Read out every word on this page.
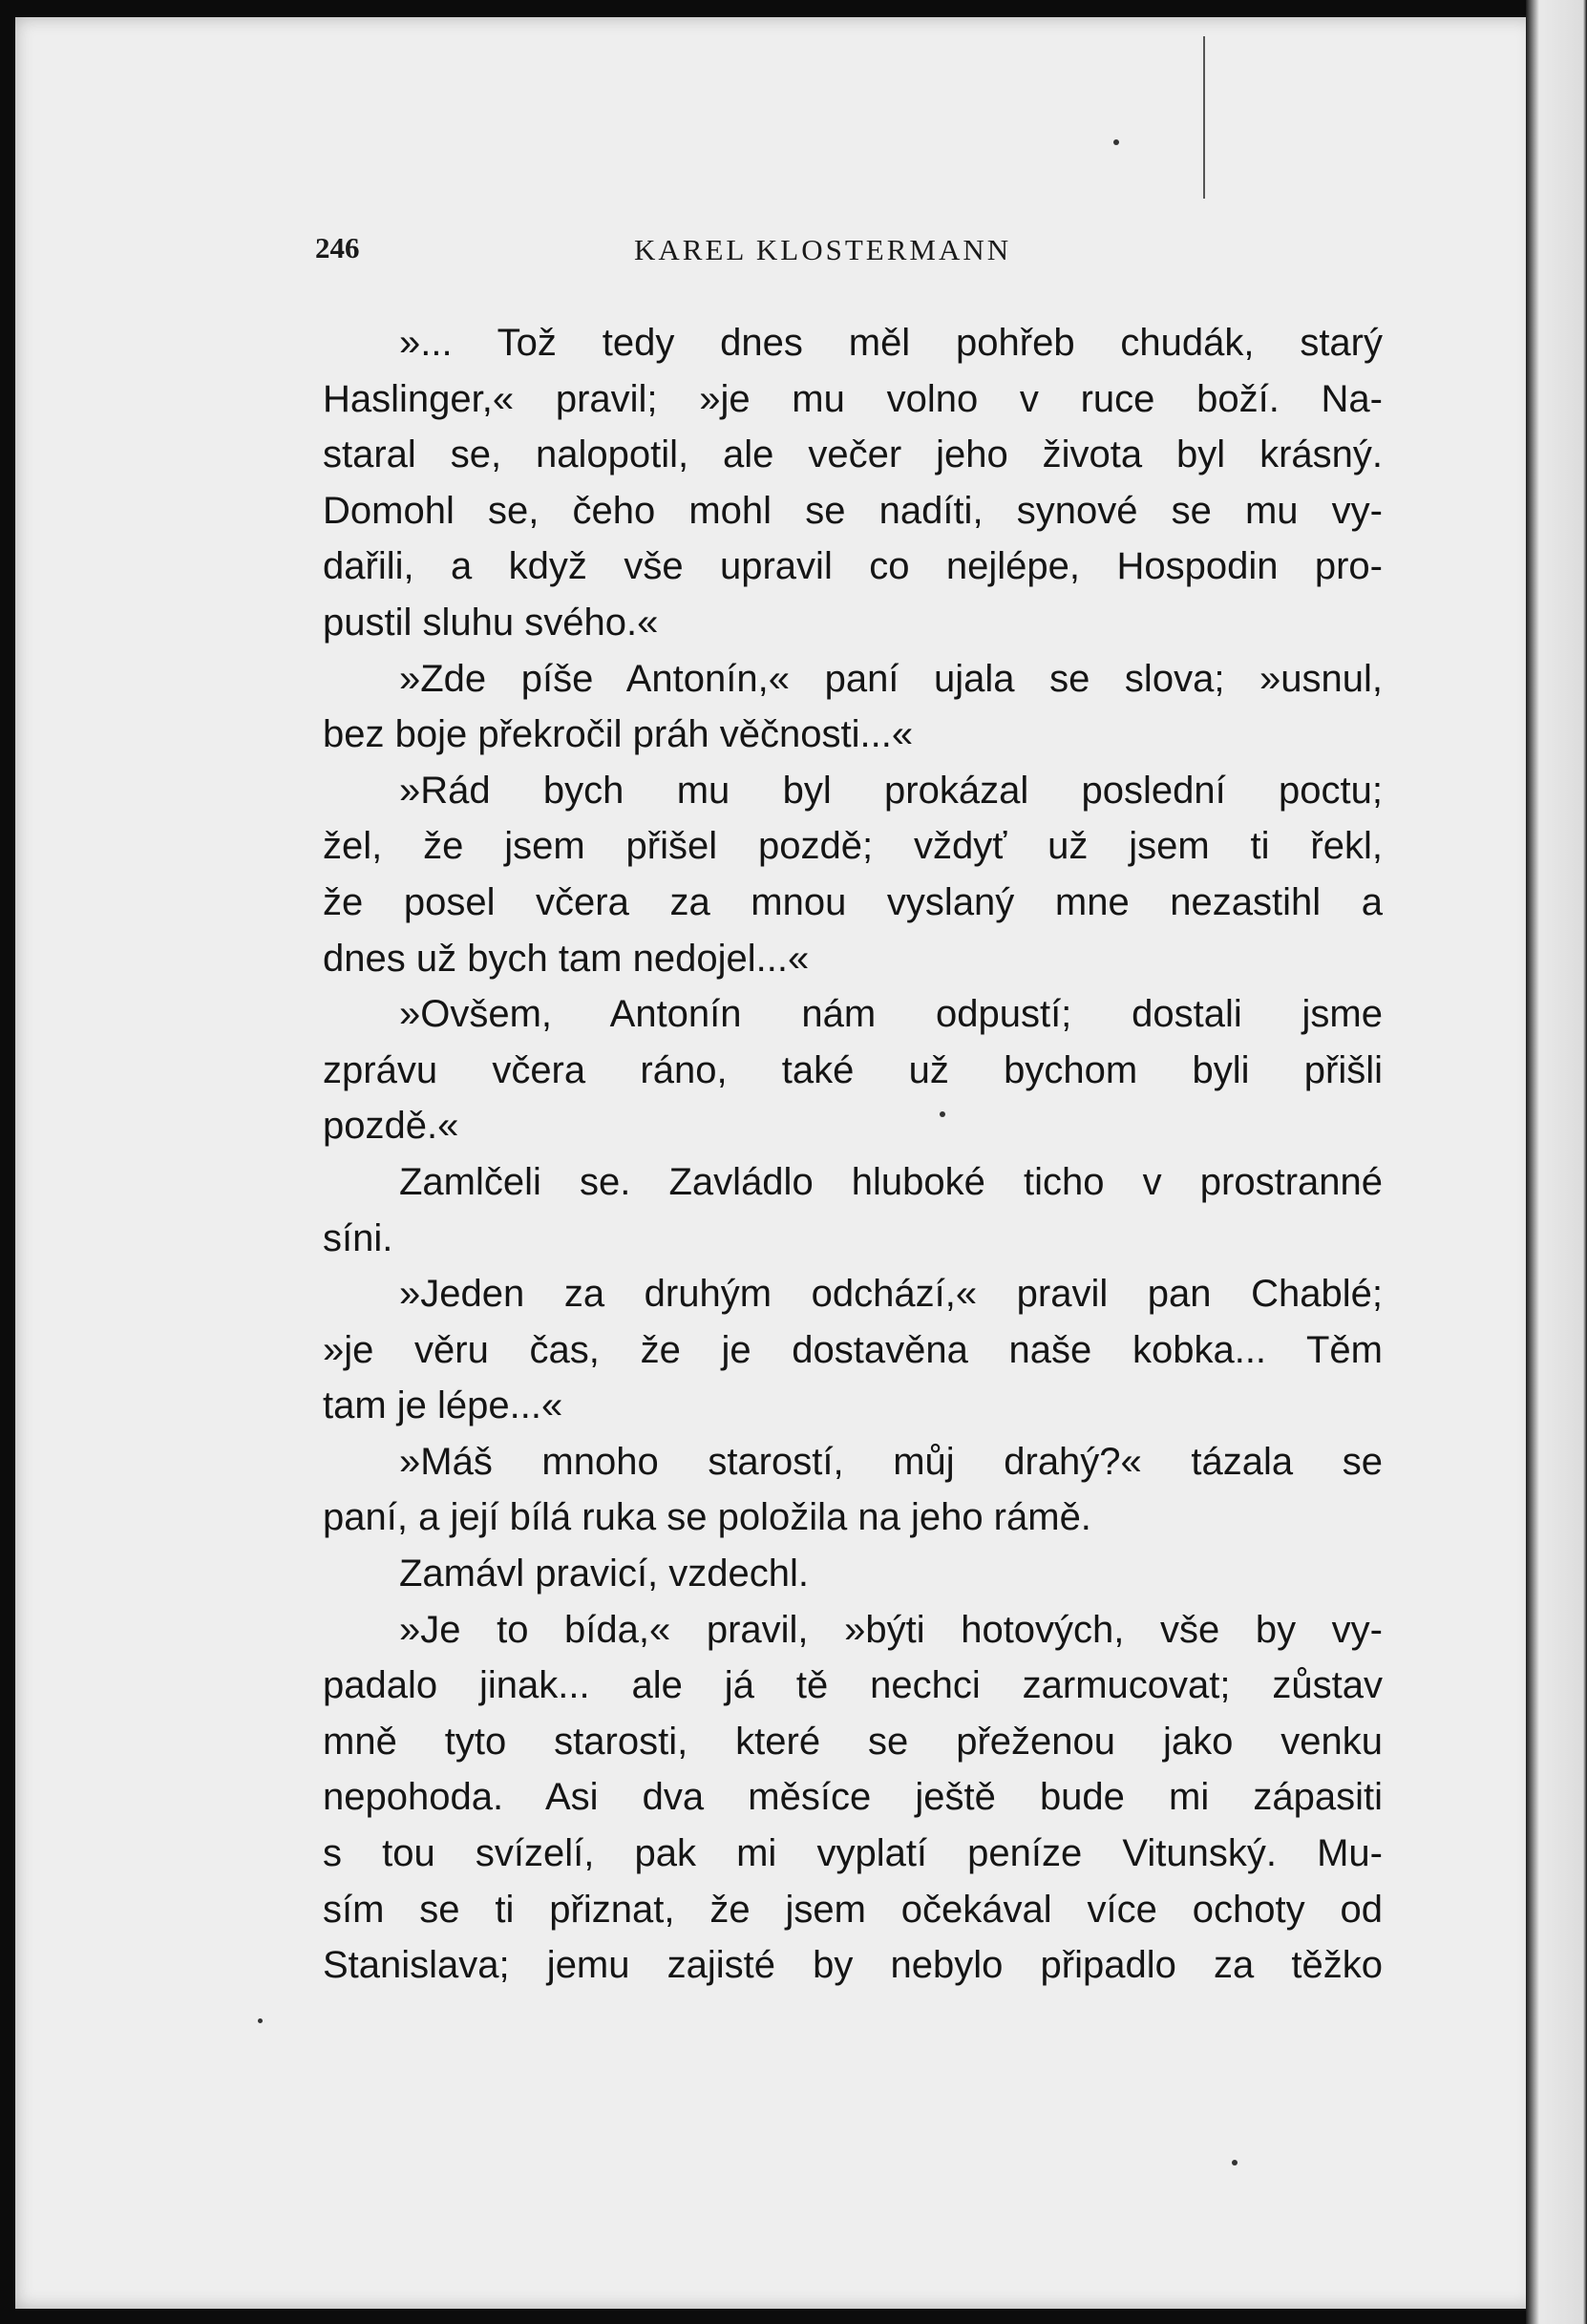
246	KAREL KLOSTERMANN
»... Tož tedy dnes měl pohřeb chudák, starý
Haslinger,« pravil; »je mu volno v ruce boží. Na-
staral se, nalopotil, ale večer jeho života byl krásný.
Domohl se, čeho mohl se nadíti, synové se mu vy-
dařili, a když vše upravil co nejlépe, Hospodin pro-
pustil sluhu svého.«
»Zde píše Antonín,« paní ujala se slova; »usnul,
bez boje překročil práh věčnosti...«
»Rád bych mu byl prokázal poslední poctu;
žel, že jsem přišel pozdě; vždyť už jsem ti řekl,
že posel včera za mnou vyslaný mne nezastihl a
dnes už bych tam nedojel...«
»Ovšem, Antonín nám odpustí; dostali jsme
zprávu včera ráno, také už bychom byli přišli
pozdě.«
Zamlčeli se. Zavládlo hluboké ticho v prostranné
síni.
»Jeden za druhým odchází,« pravil pan Chablé;
»je věru čas, že je dostavěna naše kobka... Těm
tam je lépe...«
»Máš mnoho starostí, můj drahý?« tázala se
paní, a její bílá ruka se položila na jeho rámě.
Zamávl pravicí, vzdechl.
»Je to bída,« pravil, »býti hotových, vše by vy-
padalo jinak... ale já tě nechci zarmucovat; zůstav
mně tyto starosti, které se přeženou jako venku
nepohoda. Asi dva měsíce ještě bude mi zápasiti
s tou svízelí, pak mi vyplatí peníze Vitunský. Mu-
sím se ti přiznat, že jsem očekával více ochoty od
Stanislava; jemu zajisté by nebylo připadlo za těžko
